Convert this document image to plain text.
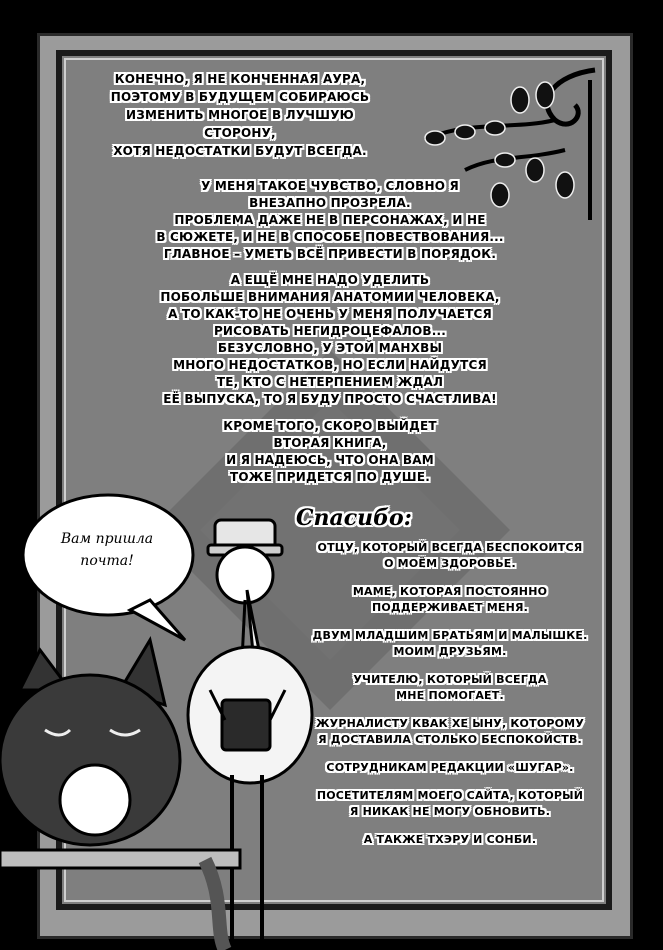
КОНЕЧНО, Я НЕ КОНЧЕННАЯ АУРА,
ПОЭТОМУ В БУДУЩЕМ СОБИРАЮСЬ
ИЗМЕНИТЬ МНОГОЕ В ЛУЧШУЮ СТОРОНУ,
ХОТЯ НЕДОСТАТКИ БУДУТ ВСЕГДА.

У МЕНЯ ТАКОЕ ЧУВСТВО, СЛОВНО Я
ВНЕЗАПНО ПРОЗРЕЛА.
ПРОБЛЕМА ДАЖЕ НЕ В ПЕРСОНАЖАХ, И НЕ
В СЮЖЕТЕ, И НЕ В СПОСОБЕ ПОВЕСТВОВАНИЯ...
ГЛАВНОЕ – УМЕТЬ ВСЁ ПРИВЕСТИ В ПОРЯДОК.

А ЕЩЁ МНЕ НАДО УДЕЛИТЬ
ПОБОЛЬШЕ ВНИМАНИЯ АНАТОМИИ ЧЕЛОВЕКА,
А ТО КАК-ТО НЕ ОЧЕНЬ У МЕНЯ ПОЛУЧАЕТСЯ
РИСОВАТЬ НЕГИДРОЦЕФАЛОВ...
БЕЗУСЛОВНО, У ЭТОЙ МАНХВЫ
МНОГО НЕДОСТАТКОВ, НО ЕСЛИ НАЙДУТСЯ
ТЕ, КТО С НЕТЕРПЕНИЕМ ЖДАЛ
ЕЁ ВЫПУСКА, ТО Я БУДУ ПРОСТО СЧАСТЛИВА!

КРОМЕ ТОГО, СКОРО ВЫЙДЕТ
ВТОРАЯ КНИГА,
И Я НАДЕЮСЬ, ЧТО ОНА ВАМ
ТОЖЕ ПРИДЕТСЯ ПО ДУШЕ.

Вам пришла
почта!
Спасибо:

ОТЦУ, КОТОРЫЙ ВСЕГДА БЕСПОКОИТСЯ
О МОЁМ ЗДОРОВЬЕ.

МАМЕ, КОТОРАЯ ПОСТОЯННО
ПОДДЕРЖИВАЕТ МЕНЯ.

ДВУМ МЛАДШИМ БРАТЬЯМ И МАЛЫШКЕ.
МОИМ ДРУЗЬЯМ.

УЧИТЕЛЮ, КОТОРЫЙ ВСЕГДА
МНЕ ПОМОГАЕТ.

ЖУРНАЛИСТУ КВАК ХЕ ЫНУ, КОТОРОМУ
Я ДОСТАВИЛА СТОЛЬКО БЕСПОКОЙСТВ.

СОТРУДНИКАМ РЕДАКЦИИ «ШУГАР».

ПОСЕТИТЕЛЯМ МОЕГО САЙТА, КОТОРЫЙ
Я НИКАК НЕ МОГУ ОБНОВИТЬ.

А ТАКЖЕ ТХЭРУ И СОНБИ.
